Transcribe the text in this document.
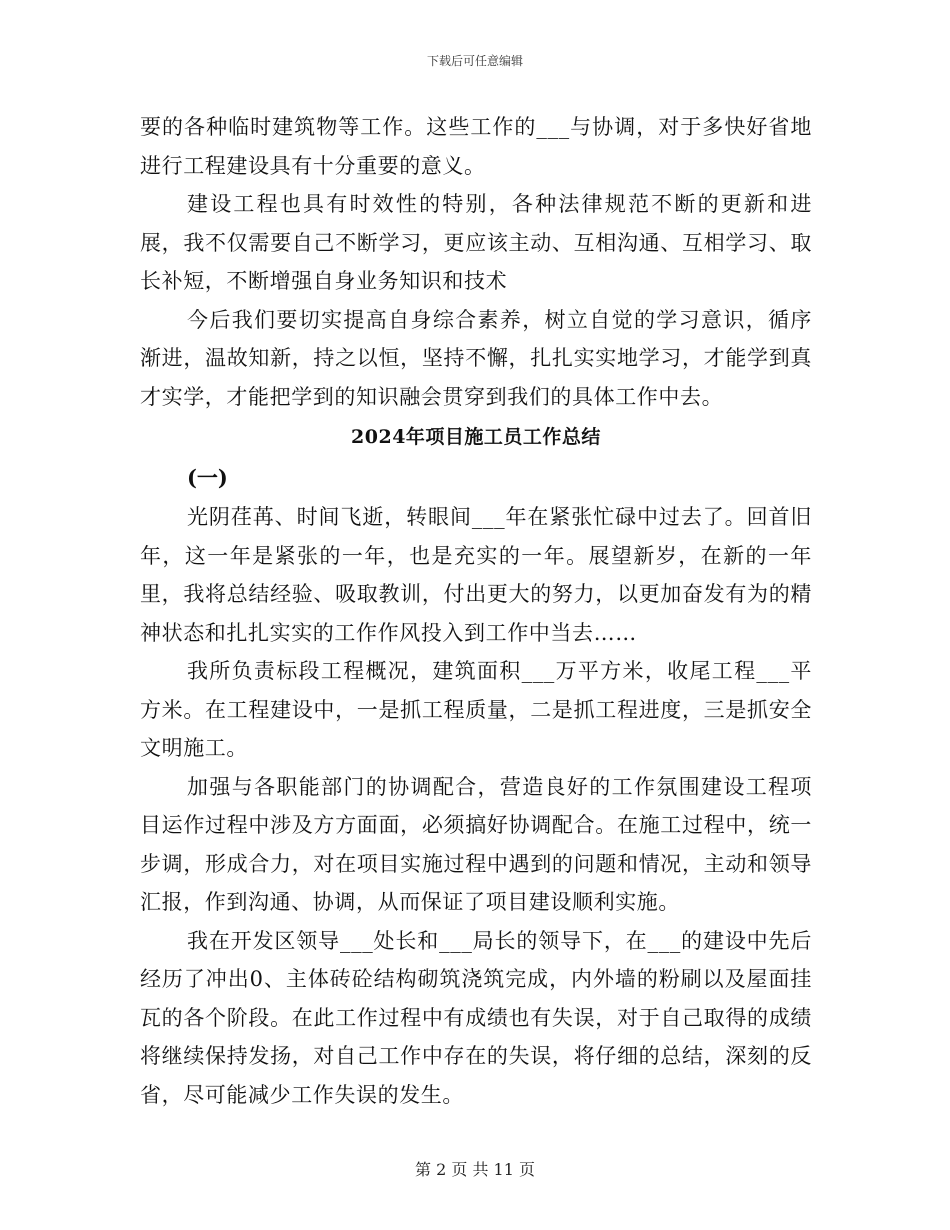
下载后可任意编辑

要的各种临时建筑物等工作。这些工作的___与协调，对于多快好省地进行工程建设具有十分重要的意义。

建设工程也具有时效性的特别，各种法律规范不断的更新和进展，我不仅需要自己不断学习，更应该主动、互相沟通、互相学习、取长补短，不断增强自身业务知识和技术

今后我们要切实提高自身综合素养，树立自觉的学习意识，循序渐进，温故知新，持之以恒，坚持不懈，扎扎实实地学习，才能学到真才实学，才能把学到的知识融会贯穿到我们的具体工作中去。

2024年项目施工员工作总结

(一)

光阴荏苒、时间飞逝，转眼间___年在紧张忙碌中过去了。回首旧年，这一年是紧张的一年，也是充实的一年。展望新岁，在新的一年里，我将总结经验、吸取教训，付出更大的努力，以更加奋发有为的精神状态和扎扎实实的工作作风投入到工作中当去……

我所负责标段工程概况，建筑面积___万平方米，收尾工程___平方米。在工程建设中，一是抓工程质量，二是抓工程进度，三是抓安全文明施工。

加强与各职能部门的协调配合，营造良好的工作氛围建设工程项目运作过程中涉及方方面面，必须搞好协调配合。在施工过程中，统一步调，形成合力，对在项目实施过程中遇到的问题和情况，主动和领导汇报，作到沟通、协调，从而保证了项目建设顺利实施。

我在开发区领导___处长和___局长的领导下，在___的建设中先后经历了冲出0、主体砖砼结构砌筑浇筑完成，内外墙的粉刷以及屋面挂瓦的各个阶段。在此工作过程中有成绩也有失误，对于自己取得的成绩将继续保持发扬，对自己工作中存在的失误，将仔细的总结，深刻的反省，尽可能减少工作失误的发生。

第 2 页 共 11 页
